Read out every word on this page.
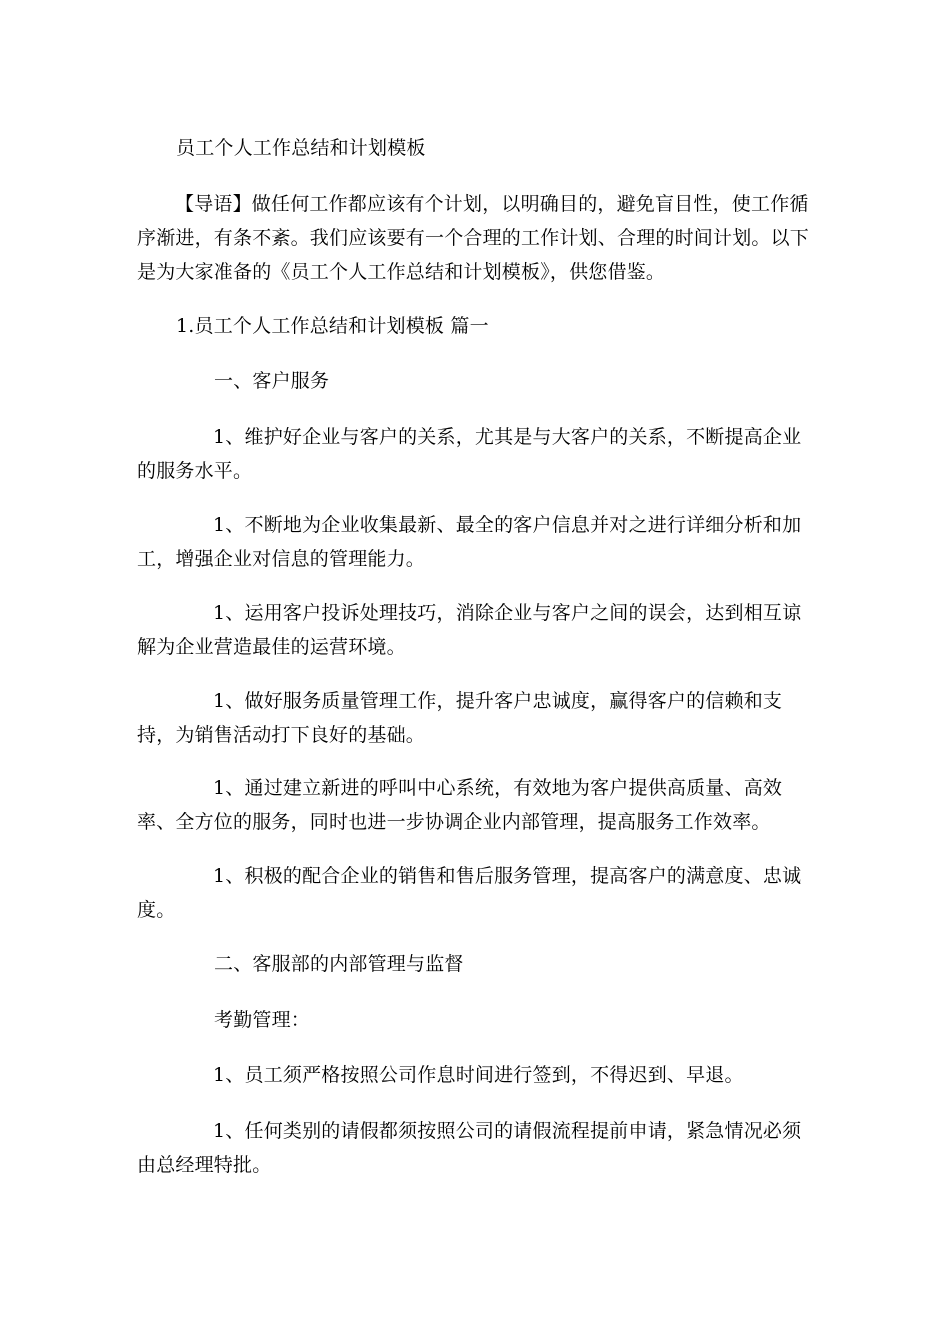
员工个人工作总结和计划模板

【导语】做任何工作都应该有个计划，以明确目的，避免盲目性，使工作循序渐进，有条不紊。我们应该要有一个合理的工作计划、合理的时间计划。以下是为大家准备的《员工个人工作总结和计划模板》，供您借鉴。

1.员工个人工作总结和计划模板 篇一

一、客户服务

1、维护好企业与客户的关系，尤其是与大客户的关系，不断提高企业的服务水平。

1、不断地为企业收集最新、最全的客户信息并对之进行详细分析和加工，增强企业对信息的管理能力。

1、运用客户投诉处理技巧，消除企业与客户之间的误会，达到相互谅解为企业营造最佳的运营环境。

1、做好服务质量管理工作，提升客户忠诚度，赢得客户的信赖和支持，为销售活动打下良好的基础。

1、通过建立新进的呼叫中心系统，有效地为客户提供高质量、高效率、全方位的服务，同时也进一步协调企业内部管理，提高服务工作效率。

1、积极的配合企业的销售和售后服务管理，提高客户的满意度、忠诚度。

二、客服部的内部管理与监督

考勤管理：

1、员工须严格按照公司作息时间进行签到，不得迟到、早退。

1、任何类别的请假都须按照公司的请假流程提前申请，紧急情况必须由总经理特批。
